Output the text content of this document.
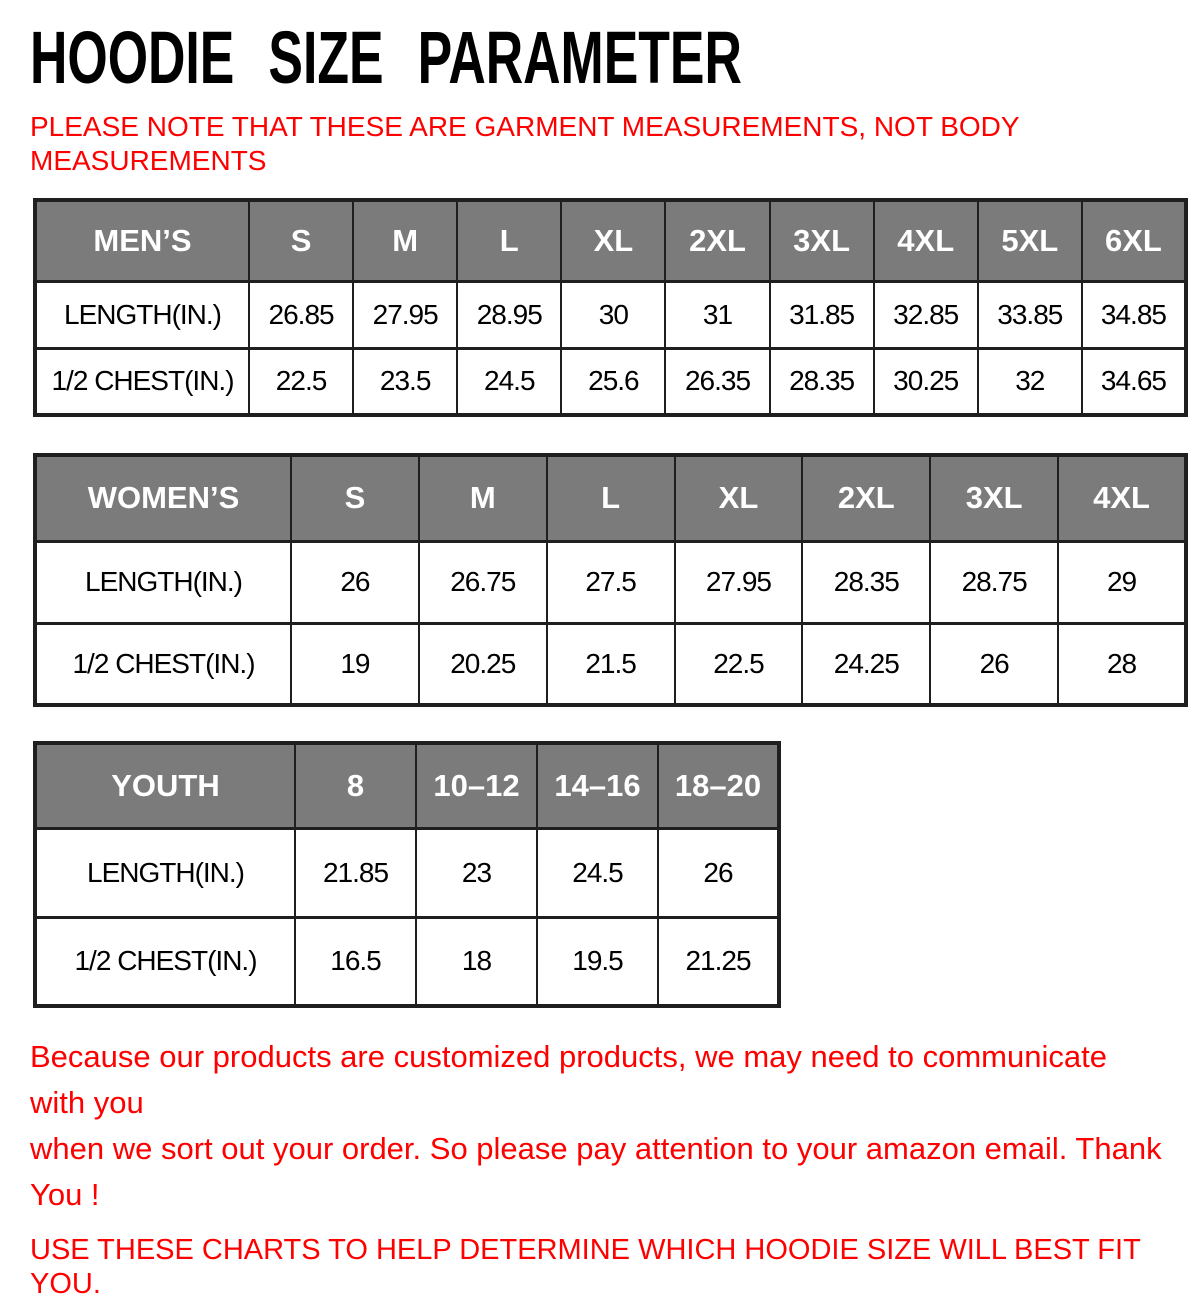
HOODIE SIZE PARAMETER
PLEASE NOTE THAT THESE ARE GARMENT MEASUREMENTS, NOT BODY
MEASUREMENTS
MEN’S	S	M	L	XL	2XL	3XL	4XL	5XL	6XL
LENGTH(IN.)	26.85	27.95	28.95	30	31	31.85	32.85	33.85	34.85
1/2 CHEST(IN.)	22.5	23.5	24.5	25.6	26.35	28.35	30.25	32	34.65
WOMEN’S	S	M	L	XL	2XL	3XL	4XL
LENGTH(IN.)	26	26.75	27.5	27.95	28.35	28.75	29
1/2 CHEST(IN.)	19	20.25	21.5	22.5	24.25	26	28
YOUTH	8	10–12	14–16	18–20
LENGTH(IN.)	21.85	23	24.5	26
1/2 CHEST(IN.)	16.5	18	19.5	21.25
Because our products are customized products, we may need to communicate with you
when we sort out your order. So please pay attention to your amazon email. Thank You !
USE THESE CHARTS TO HELP DETERMINE WHICH HOODIE SIZE WILL BEST FIT YOU.
